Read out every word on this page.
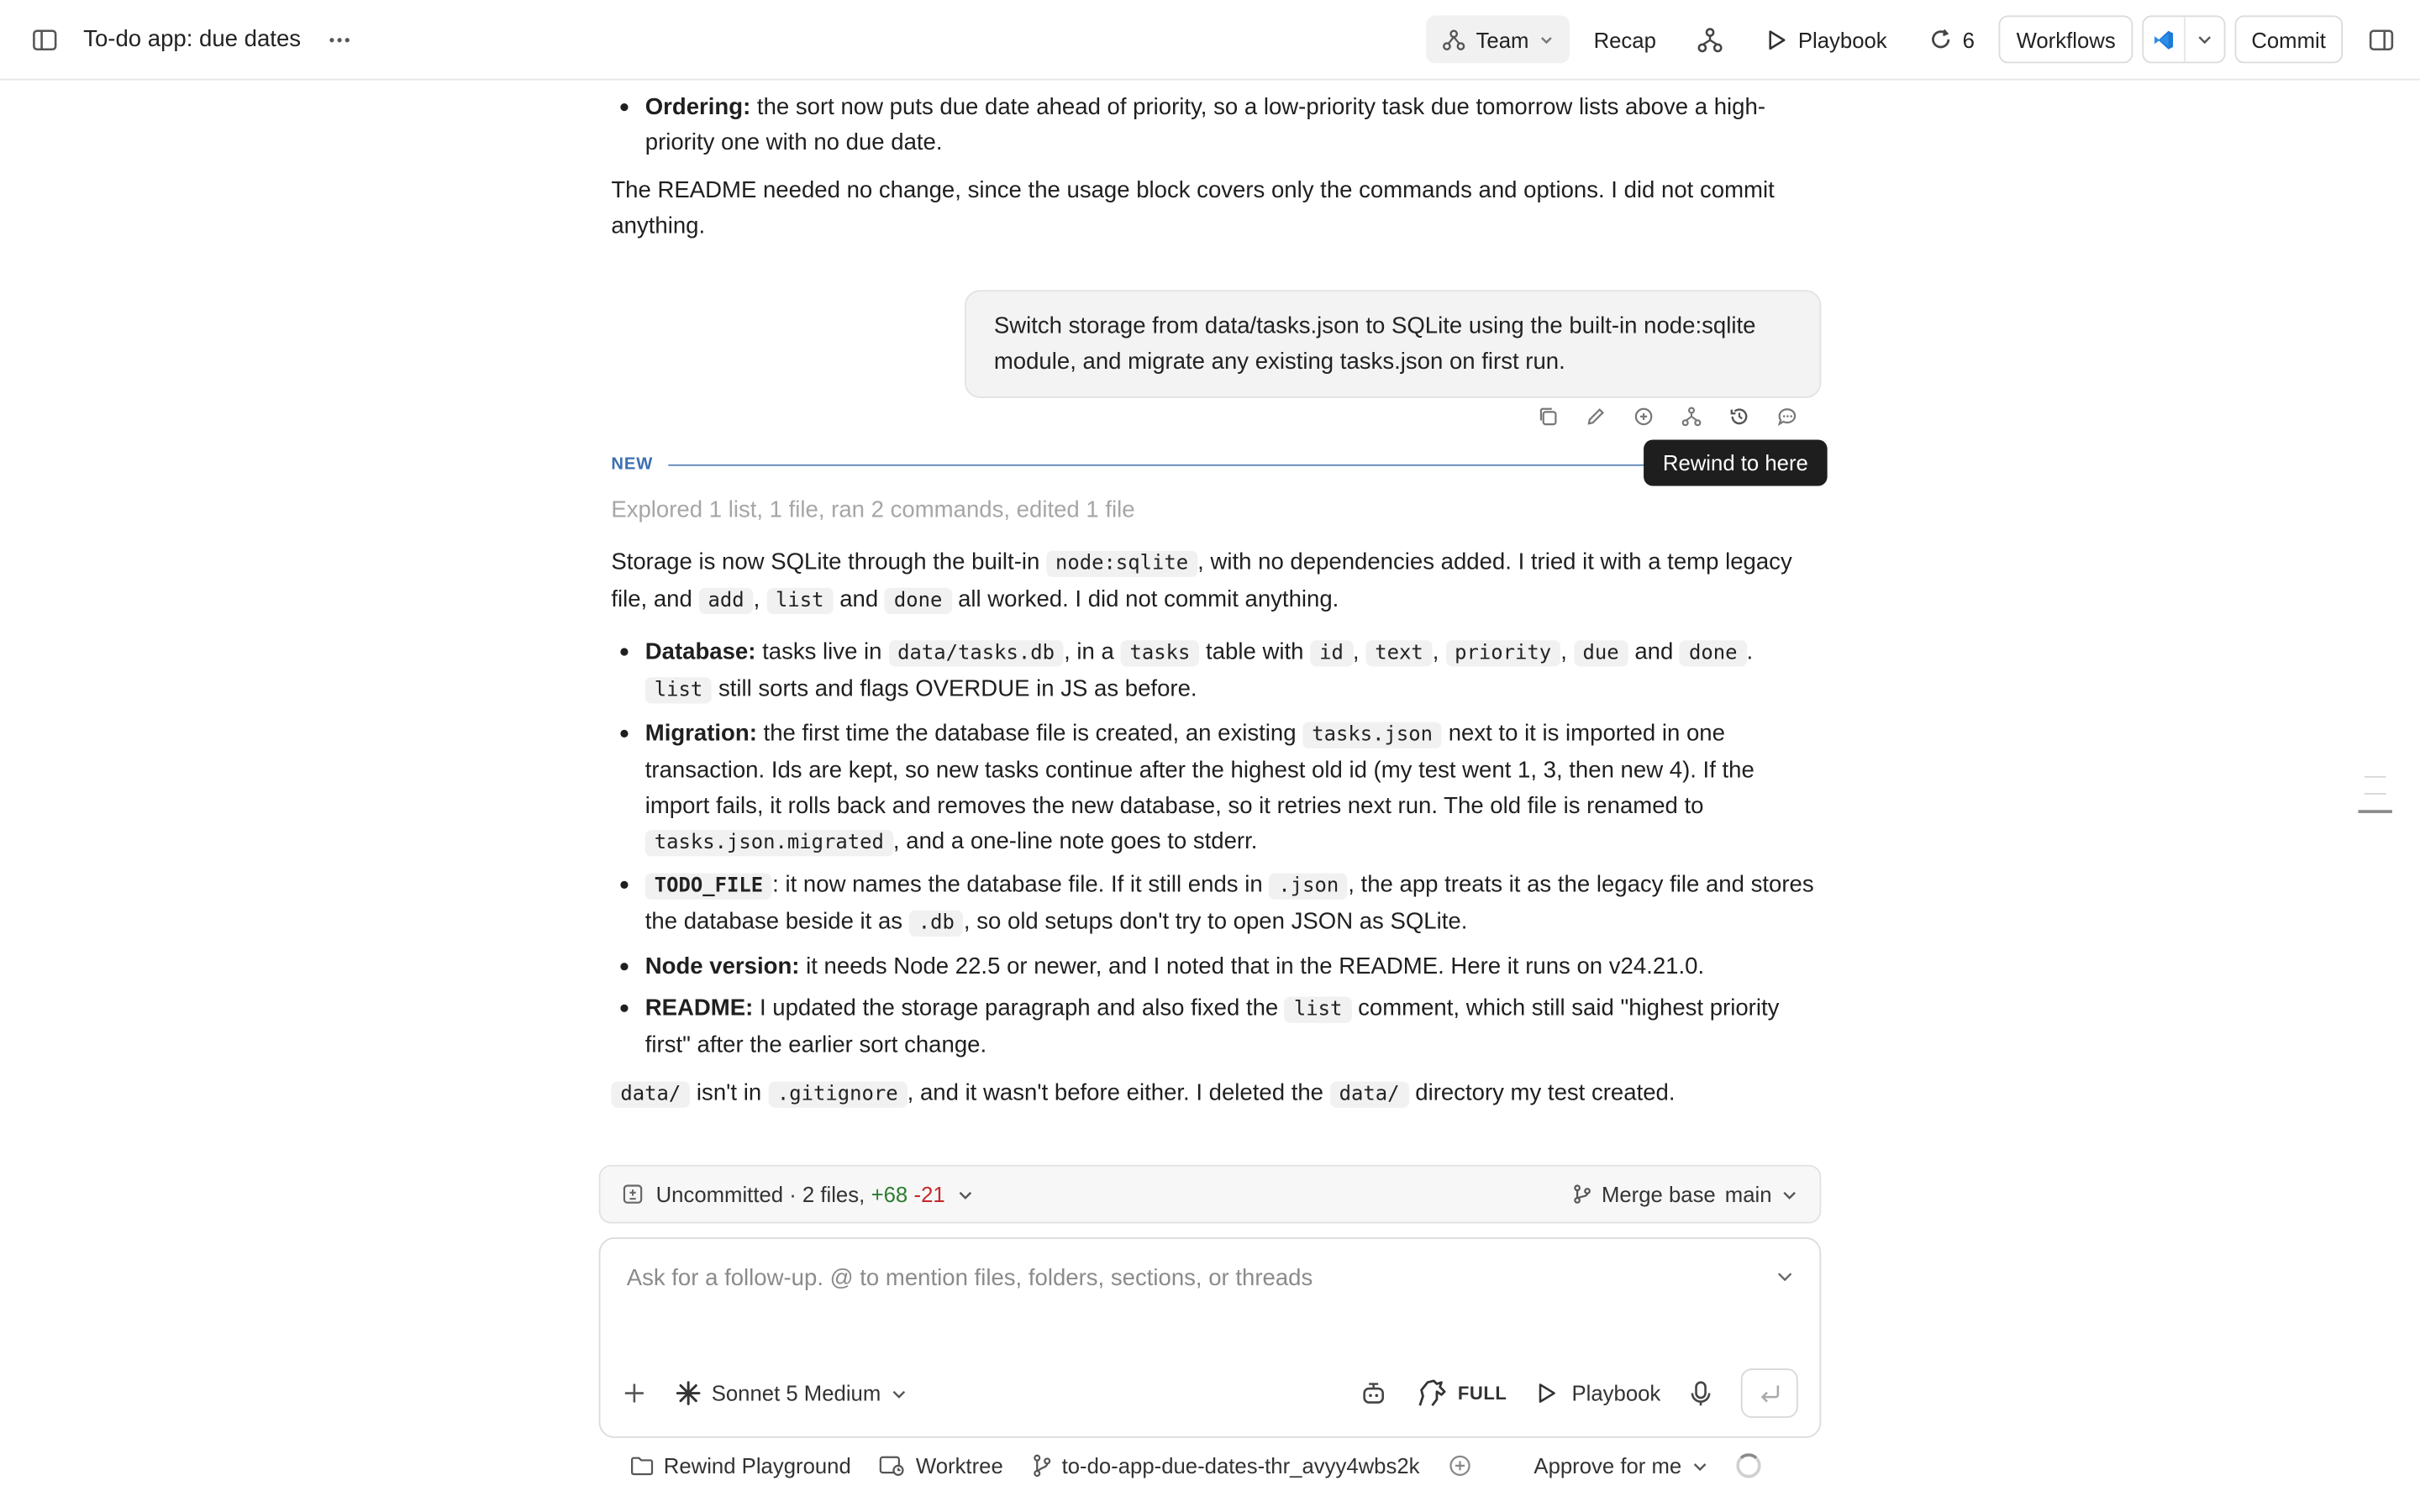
To-do app: due dates	Team	Recap	Playbook	6	Workflows	Commit
Ordering: the sort now puts due date ahead of priority, so a low-priority task due tomorrow lists above a high-priority one with no due date.

The README needed no change, since the usage block covers only the commands and options. I did not commit anything.

Switch storage from data/tasks.json to SQLite using the built-in node:sqlite module, and migrate any existing tasks.json on first run.
NEW	Rewind to here
Explored 1 list, 1 file, ran 2 commands, edited 1 file

Storage is now SQLite through the built-in node:sqlite , with no dependencies added. I tried it with a temp legacy file, and add , list and done all worked. I did not commit anything.

Database: tasks live in data/tasks.db , in a tasks table with id , text , priority , due and done . list still sorts and flags OVERDUE in JS as before.
Migration: the first time the database file is created, an existing tasks.json next to it is imported in one transaction. Ids are kept, so new tasks continue after the highest old id (my test went 1, 3, then new 4). If the import fails, it rolls back and removes the new database, so it retries next run. The old file is renamed to tasks.json.migrated , and a one-line note goes to stderr.
TODO_FILE : it now names the database file. If it still ends in .json , the app treats it as the legacy file and stores the database beside it as .db , so old setups don't try to open JSON as SQLite.
Node version: it needs Node 22.5 or newer, and I noted that in the README. Here it runs on v24.21.0.
README: I updated the storage paragraph and also fixed the list comment, which still said "highest priority first" after the earlier sort change.

data/ isn't in .gitignore , and it wasn't before either. I deleted the data/ directory my test created.

Uncommitted · 2 files, +68 -21	Merge base main
Ask for a follow-up. @ to mention files, folders, sections, or threads
Sonnet 5 Medium	FULL	Playbook
Rewind Playground	Worktree	to-do-app-due-dates-thr_avyy4wbs2k	Approve for me
